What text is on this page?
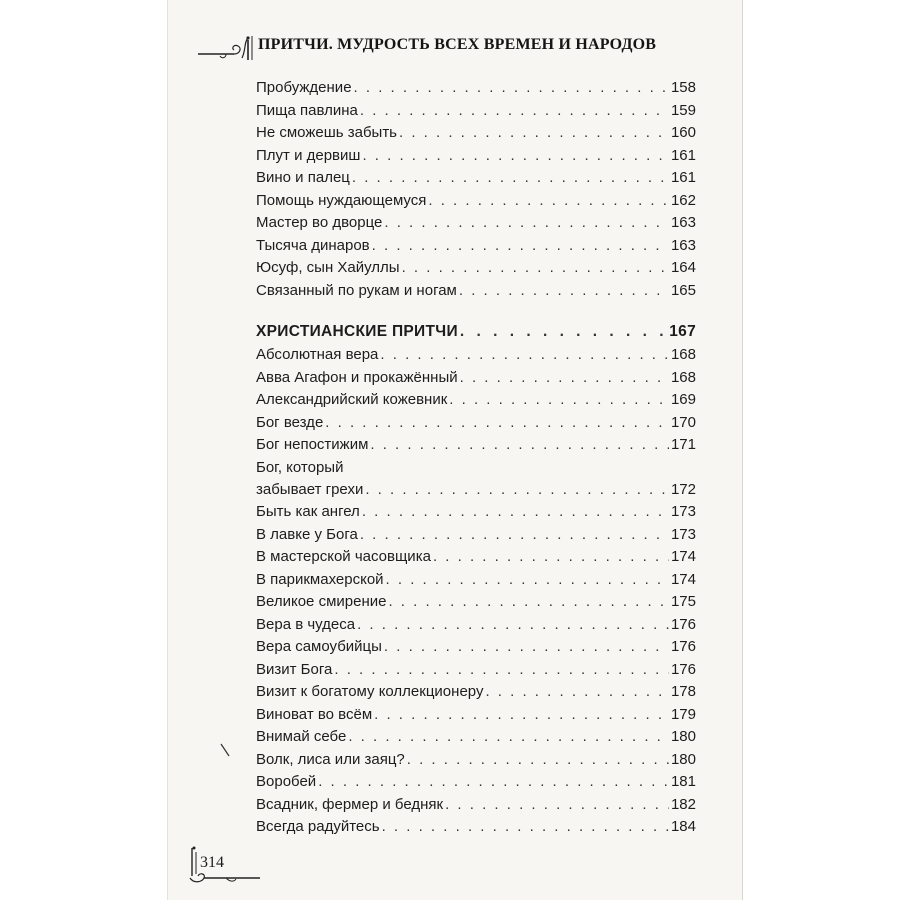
ПРИТЧИ. МУДРОСТЬ ВСЕХ ВРЕМЕН И НАРОДОВ
Пробуждение . . .	158
Пища павлина . . .	159
Не сможешь забыть . . .	160
Плут и дервиш . . .	161
Вино и палец . . .	161
Помощь нуждающемуся . . .	162
Мастер во дворце . . .	163
Тысяча динаров . . .	163
Юсуф, сын Хайуллы . . .	164
Связанный по рукам и ногам . . .	165
ХРИСТИАНСКИЕ ПРИТЧИ . . .	167
Абсолютная вера . . .	168
Авва Агафон и прокажённый . . .	168
Александрийский кожевник . . .	169
Бог везде . . .	170
Бог непостижим . . .	171
Бог, который
забывает грехи . . .	172
Быть как ангел . . .	173
В лавке у Бога . . .	173
В мастерской часовщика . . .	174
В парикмахерской . . .	174
Великое смирение . . .	175
Вера в чудеса . . .	176
Вера самоубийцы . . .	176
Визит Бога . . .	176
Визит к богатому коллекционеру . . .	178
Виноват во всём . . .	179
Внимай себе . . .	180
Волк, лиса или заяц? . . .	180
Воробей . . .	181
Всадник, фермер и бедняк . . .	182
Всегда радуйтесь . . .	184
314
